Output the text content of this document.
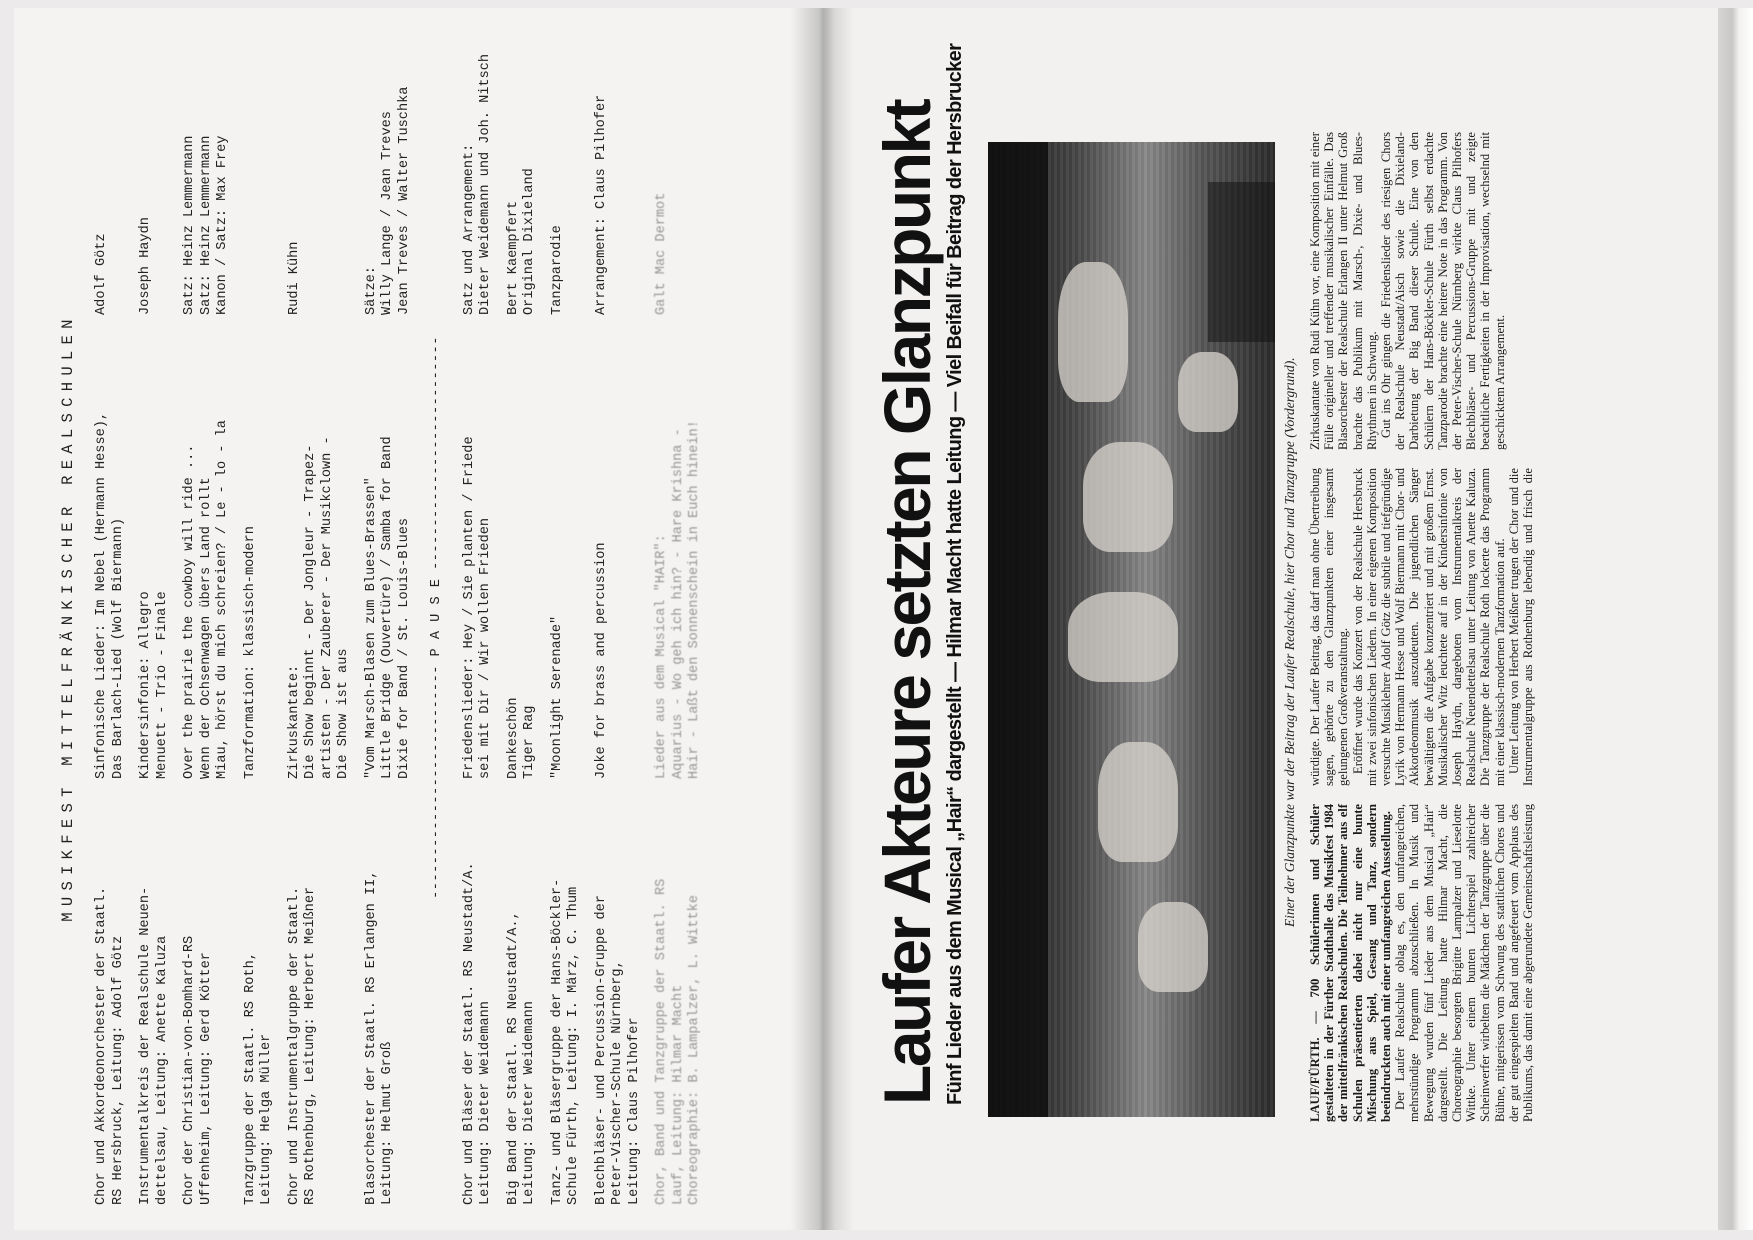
MUSIKFEST MITTELFRÄNKISCHER REALSCHULEN
Chor und Akkordeonorchester der Staatl. RS Hersbruck, Leitung: Adolf Götz
Sinfonische Lieder: Im Nebel (Hermann Hesse), Das Barlach-Lied (Wolf Biermann)
Adolf Götz
Instrumentalkreis der Realschule Neuen- dettelsau, Leitung: Anette Kaluza
Kindersinfonie: Allegro Menuett - Trio - Finale
Joseph Haydn
Chor der Christian-von-Bomhard-RS Uffenheim, Leitung: Gerd Kötter
Over the prairie the cowboy will ride ... Wenn der Ochsenwagen übers Land rollt Miau, hörst du mich schreien? / Le - lo - la
Satz: Heinz Lemmermann Satz: Heinz Lemmermann Kanon / Satz: Max Frey
Tanzgruppe der Staatl. RS Roth, Leitung: Helga Müller
Tanzformation: klassisch-modern
Chor und Instrumentalgruppe der Staatl. RS Rothenburg, Leitung: Herbert Meißner
Zirkuskantate: Die Show beginnt - Der Jongleur - Trapez- artisten - Der Zauberer - Der Musikclown - Die Show ist aus
Rudi Kühn
Blasorchester der Staatl. RS Erlangen II, Leitung: Helmut Groß
"Vom Marsch-Blasen zum Blues-Brassen" Little Bridge (Ouvertüre) / Samba for Band Dixie for Band / St. Louis-Blues
Sätze: Willy Lange / Jean Treves Jean Treves / Walter Tuschka
--------------------------- P A U S E ---------------------------
Chor und Bläser der Staatl. RS Neustadt/A. Leitung: Dieter Weidemann
Friedenslieder: Hey / Sie planten / Friede sei mit Dir / Wir wollen Frieden
Satz und Arrangement: Dieter Weidemann und Joh. Nitsch
Big Band der Staatl. RS Neustadt/A., Leitung: Dieter Weidemann
Dankeschön Tiger Rag
Bert Kaempfert Original Dixieland
Tanz- und Bläsergruppe der Hans-Böckler- Schule Fürth, Leitung: I. März, C. Thum
"Moonlight Serenade"
Tanzparodie
Blechbläser- und Percussion-Gruppe der Peter-Vischer-Schule Nürnberg, Leitung: Claus Pilhofer
Joke for brass and percussion
Arrangement: Claus Pilhofer
Chor, Band und Tanzgruppe der Staatl. RS Lauf, Leitung: Hilmar Macht Choreographie: B. Lampalzer, L. Wittke
Lieder aus dem Musical "HAIR": Aquarius - Wo geh ich hin? - Hare Krishna - Hair - Laßt den Sonnenschein in Euch hinein!
Galt Mac Dermot	Laufer Akteure setzten Glanzpunkt Fünf Lieder aus dem Musical „Hair“ dargestellt — Hilmar Macht hatte Leitung — Viel Beifall für Beitrag der Hersbrucker	Einer der Glanzpunkte war der Beitrag der Laufer Realschule, hier Chor und Tanzgruppe (Vordergrund).

LAUF/FÜRTH. — 700 Schülerinnen und Schüler gestalteten in der Fürther Stadthalle das Musikfest 1984 der mittelfränkischen Realschulen. Die Teilnehmer aus elf Schulen präsentierten dabei nicht nur eine bunte Mischung aus Spiel, Gesang und Tanz, sondern beeindruckten auch mit einer umfangreichen Ausstellung. Der Laufer Realschule oblag es, den umfangreichen, mehrstündige Programm abzuschließen. In Musik und Bewegung wurden fünf Lieder aus dem Musical „Hair“ dargestellt. Die Leitung hatte Hilmar Macht, die Choreographie besorgten Brigitte Lampalzer und Lieselotte Wittke. Unter einem bunten Lichterspiel zahlreicher Scheinwerfer wirbelten die Mädchen der Tanzgruppe über die Bühne, mitgerissen vom Schwung des stattlichen Chores und der gut eingespielten Band und angefeuert vom Applaus des Publikums, das damit eine abgerundete Gemeinschaftsleistung würdigte. Der Laufer Beitrag, das darf man ohne Übertreibung sagen, gehörte zu den Glanzpunkten einer insgesamt gelungenen Großveranstaltung. Eröffnet wurde das Konzert von der Realschule Hersbruck mit zwei sinfonischen Liedern. In einer eigenen Komposition versuchte Musiklehrer Adolf Götz die subtile und tiefgründige Lyrik von Hermann Hesse und Wolf Biermann mit Chor- und Akkordeonmusik auszudeuten. Die jugendlichen Sänger bewältigten die Aufgabe konzentriert und mit großem Ernst. Musikalischer Witz leuchtete auf in der Kindersinfonie von Joseph Haydn, dargeboten vom Instrumentalkreis der Realschule Neuendettelsau unter Leitung von Anette Kaluza. Die Tanzgruppe der Realschule Roth lockerte das Programm mit einer klassisch-modernen Tanzformation auf. Unter Leitung von Herbert Meißner trugen der Chor und die Instrumentalgruppe aus Rothenburg lebendig und frisch die Zirkuskantate von Rudi Kühn vor, eine Komposition mit einer Fülle origineller und treffender musikalischer Einfälle. Das Blasorchester der Realschule Erlangen II unter Helmut Groß brachte das Publikum mit Marsch-, Dixie- und Blues-Rhythmen in Schwung. Gut ins Ohr gingen die Friedenslieder des riesigen Chors der Realschule Neustadt/Aisch sowie die Dixieland-Darbietung der Big Band dieser Schule. Eine von den Schülern der Hans-Böckler-Schule Fürth selbst erdachte Tanzparodie brachte eine heitere Note in das Programm. Von der Peter-Vischer-Schule Nürnberg wirkte Claus Pilhofers Blechbläser- und Percussions-Gruppe mit und zeigte beachtliche Fertigkeiten in der Improvisation, wechselnd mit geschicktem Arrangement.
